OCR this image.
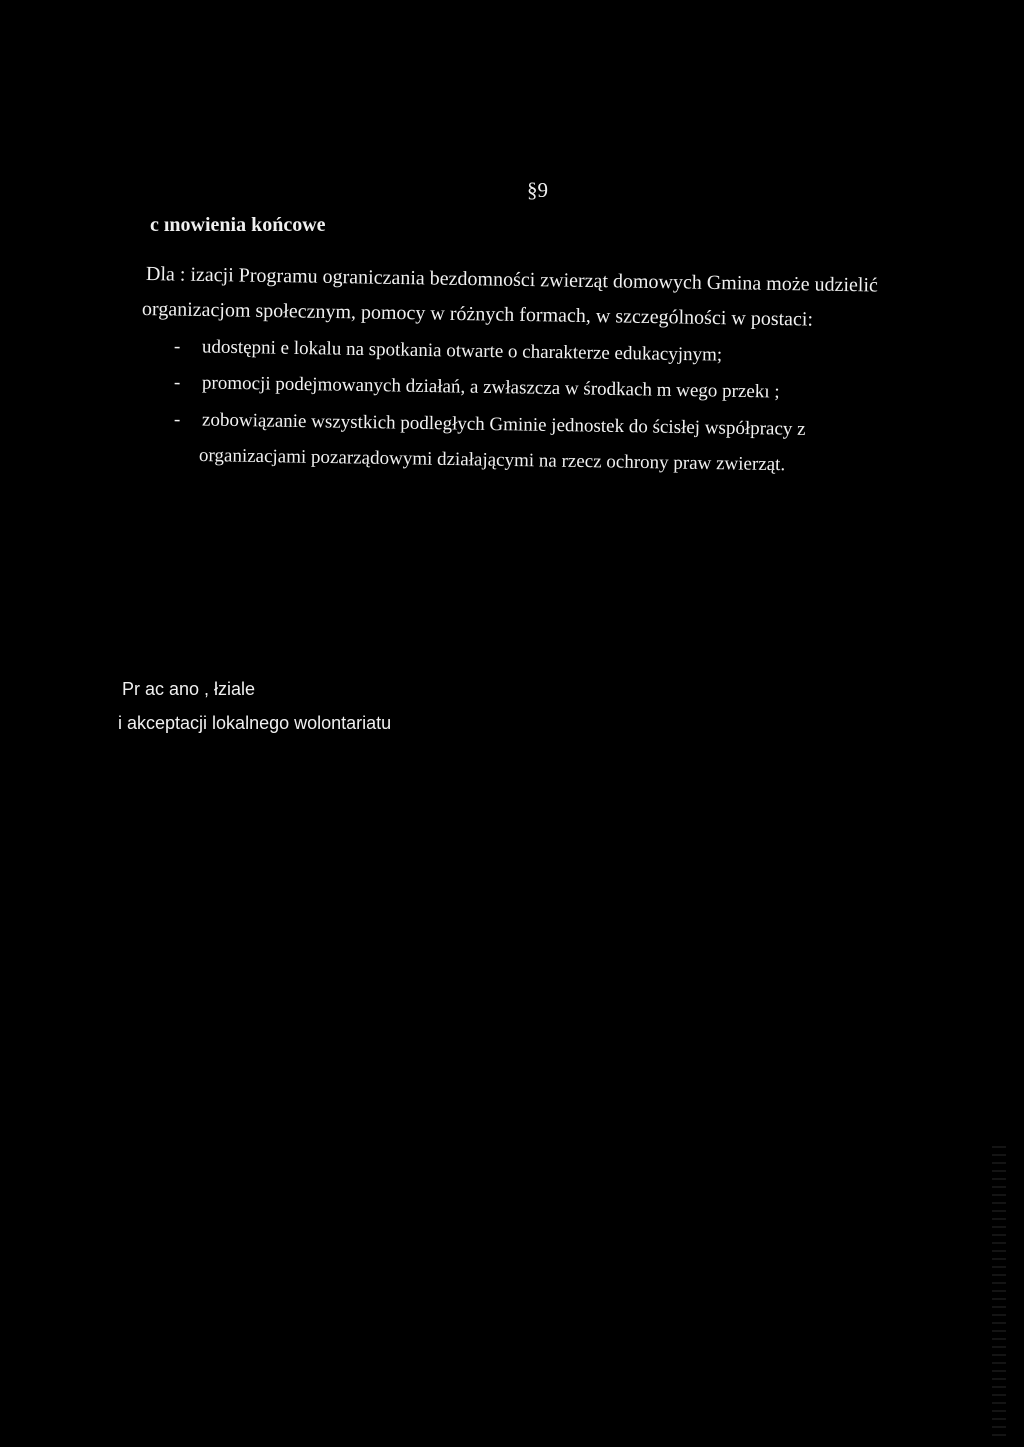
§9
c ınowienia końcowe
Dla : izacji Programu ograniczania bezdomności zwierząt domowych Gmina może udzielić
organizacjom społecznym, pomocy w różnych formach, w szczególności w postaci:
- udostępni e lokalu na spotkania otwarte o charakterze edukacyjnym;
- promocji podejmowanych działań, a zwłaszcza w środkach m wego przekı ;
- zobowiązanie wszystkich podległych Gminie jednostek do ścisłej współpracy z
organizacjami pozarządowymi działającymi na rzecz ochrony praw zwierząt.
Pr ac ano , łziale
i akceptacji lokalnego wolontariatu
